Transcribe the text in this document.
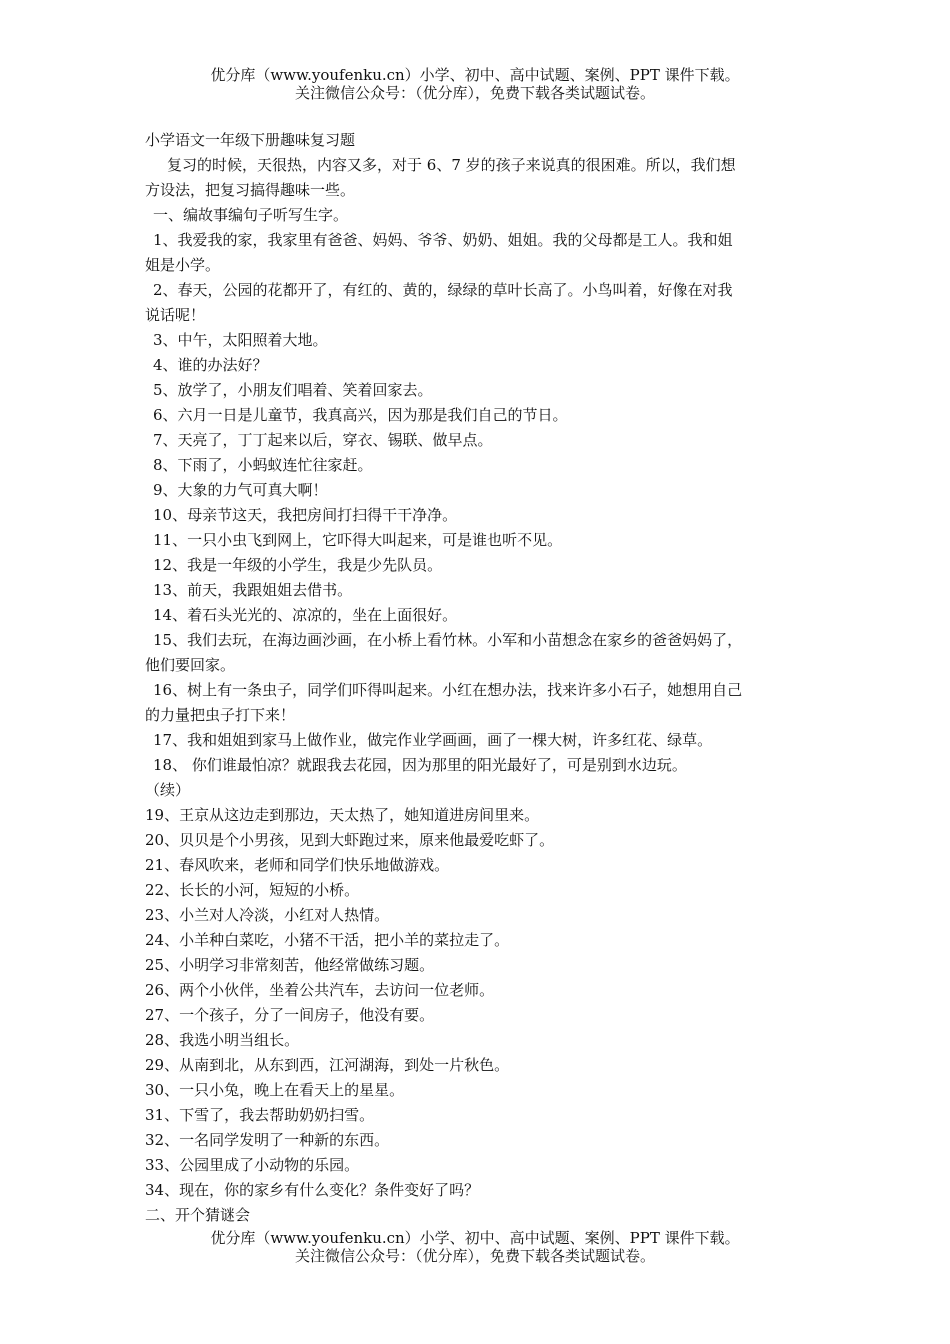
优分库（www.youfenku.cn）小学、初中、高中试题、案例、PPT 课件下载。
关注微信公众号：（优分库），免费下载各类试题试卷。
小学语文一年级下册趣味复习题
复习的时候，天很热，内容又多，对于 6、7 岁的孩子来说真的很困难。所以，我们想
方设法，把复习搞得趣味一些。
一、编故事编句子听写生字。
1、我爱我的家，我家里有爸爸、妈妈、爷爷、奶奶、姐姐。我的父母都是工人。我和姐
姐是小学。
2、春天，公园的花都开了，有红的、黄的，绿绿的草叶长高了。小鸟叫着，好像在对我
说话呢！
3、中午，太阳照着大地。
4、谁的办法好？
5、放学了，小朋友们唱着、笑着回家去。
6、六月一日是儿童节，我真高兴，因为那是我们自己的节日。
7、天亮了，丁丁起来以后，穿衣、锡联、做早点。
8、下雨了，小蚂蚁连忙往家赶。
9、大象的力气可真大啊！
10、母亲节这天，我把房间打扫得干干净净。
11、一只小虫飞到网上，它吓得大叫起来，可是谁也听不见。
12、我是一年级的小学生，我是少先队员。
13、前天，我跟姐姐去借书。
14、着石头光光的、凉凉的，坐在上面很好。
15、我们去玩，在海边画沙画，在小桥上看竹林。小军和小苗想念在家乡的爸爸妈妈了，
他们要回家。
16、树上有一条虫子，同学们吓得叫起来。小红在想办法，找来许多小石子，她想用自己
的力量把虫子打下来！
17、我和姐姐到家马上做作业，做完作业学画画，画了一棵大树，许多红花、绿草。
18、 你们谁最怕凉？就跟我去花园，因为那里的阳光最好了，可是别到水边玩。
（续）
19、王京从这边走到那边，天太热了，她知道进房间里来。
20、贝贝是个小男孩，见到大虾跑过来，原来他最爱吃虾了。
21、春风吹来，老师和同学们快乐地做游戏。
22、长长的小河，短短的小桥。
23、小兰对人冷淡，小红对人热情。
24、小羊种白菜吃，小猪不干活，把小羊的菜拉走了。
25、小明学习非常刻苦，他经常做练习题。
26、两个小伙伴，坐着公共汽车，去访问一位老师。
27、一个孩子，分了一间房子，他没有要。
28、我选小明当组长。
29、从南到北，从东到西，江河湖海，到处一片秋色。
30、一只小兔，晚上在看天上的星星。
31、下雪了，我去帮助奶奶扫雪。
32、一名同学发明了一种新的东西。
33、公园里成了小动物的乐园。
34、现在，你的家乡有什么变化？条件变好了吗？
二、开个猜谜会
优分库（www.youfenku.cn）小学、初中、高中试题、案例、PPT 课件下载。
关注微信公众号：（优分库），免费下载各类试题试卷。
